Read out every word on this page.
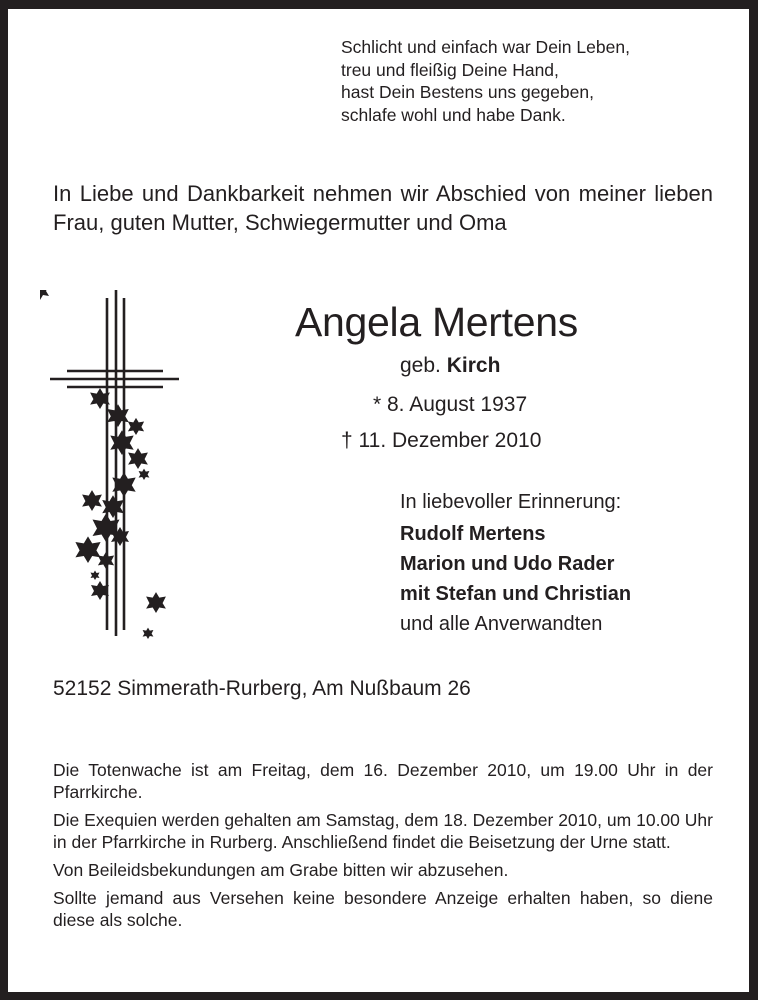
Schlicht und einfach war Dein Leben,
treu und fleißig Deine Hand,
hast Dein Bestens uns gegeben,
schlafe wohl und habe Dank.
In Liebe und Dankbarkeit nehmen wir Abschied von meiner lieben Frau, guten Mutter, Schwiegermutter und Oma
Angela Mertens
geb. Kirch
* 8. August 1937
† 11. Dezember 2010
In liebevoller Erinnerung:
Rudolf Mertens
Marion und Udo Rader
mit Stefan und Christian
und alle Anverwandten
52152 Simmerath-Rurberg, Am Nußbaum 26

Die Totenwache ist am Freitag, dem 16. Dezember 2010, um 19.00 Uhr in der Pfarrkirche.

Die Exequien werden gehalten am Samstag, dem 18. Dezember 2010, um 10.00 Uhr in der Pfarrkirche in Rurberg. Anschließend findet die Beisetzung der Urne statt.

Von Beileidsbekundungen am Grabe bitten wir abzusehen.

Sollte jemand aus Versehen keine besondere Anzeige erhalten haben, so diene diese als solche.
